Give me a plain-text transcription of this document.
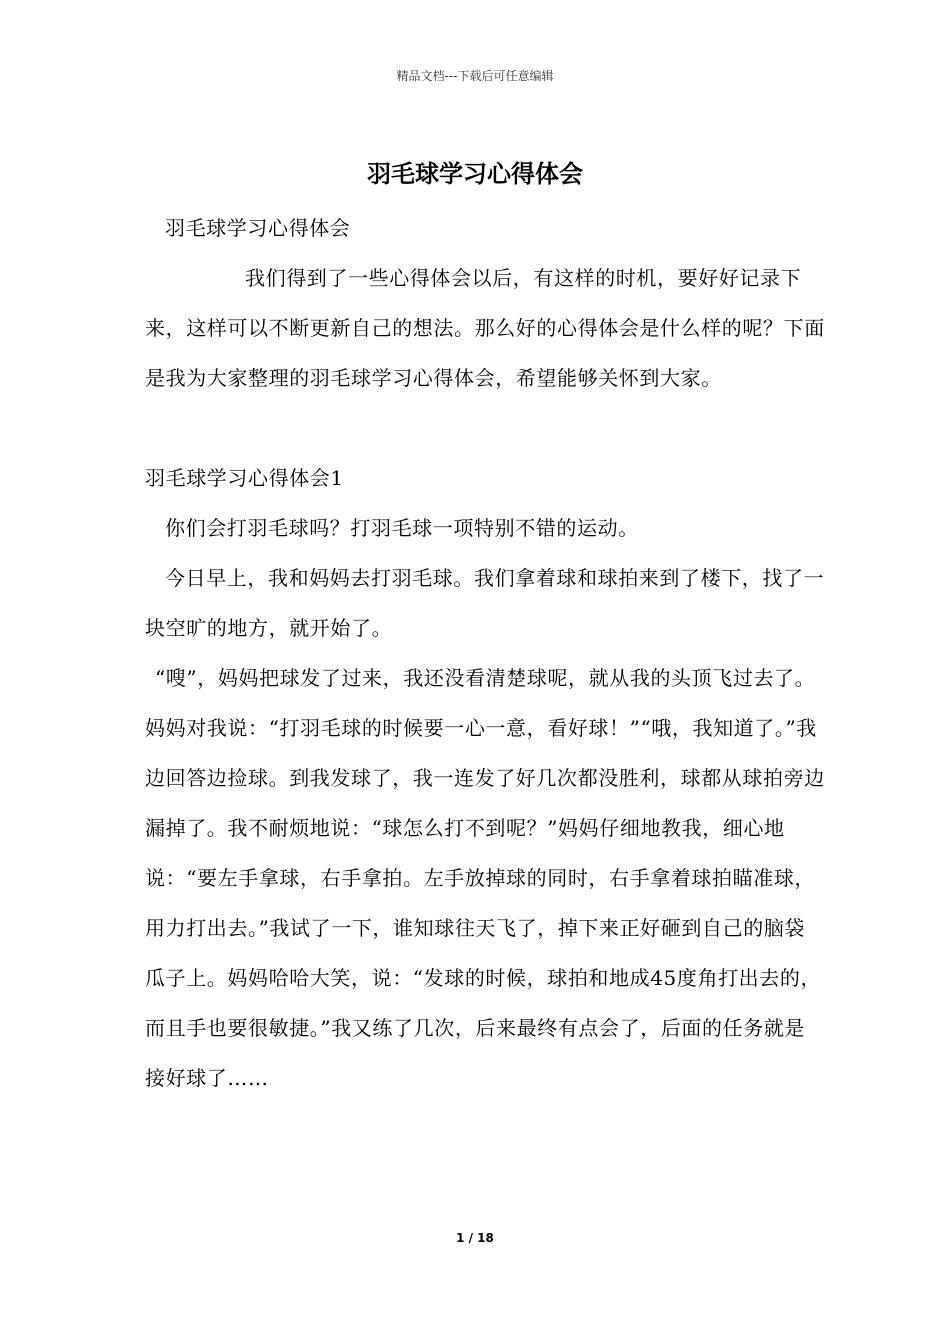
精品文档---下载后可任意编辑
羽毛球学习心得体会

羽毛球学习心得体会

我们得到了一些心得体会以后，有这样的时机，要好好记录下来，这样可以不断更新自己的想法。那么好的心得体会是什么样的呢？下面是我为大家整理的羽毛球学习心得体会，希望能够关怀到大家。

羽毛球学习心得体会1

你们会打羽毛球吗？打羽毛球一项特别不错的运动。

今日早上，我和妈妈去打羽毛球。我们拿着球和球拍来到了楼下，找了一块空旷的地方，就开始了。

“嗖”，妈妈把球发了过来，我还没看清楚球呢，就从我的头顶飞过去了。妈妈对我说：“打羽毛球的时候要一心一意，看好球！”“哦，我知道了。”我边回答边捡球。到我发球了，我一连发了好几次都没胜利，球都从球拍旁边漏掉了。我不耐烦地说：“球怎么打不到呢？”妈妈仔细地教我，细心地说：“要左手拿球，右手拿拍。左手放掉球的同时，右手拿着球拍瞄准球，用力打出去。”我试了一下，谁知球往天飞了，掉下来正好砸到自己的脑袋瓜子上。妈妈哈哈大笑，说：“发球的时候，球拍和地成45度角打出去的，而且手也要很敏捷。”我又练了几次，后来最终有点会了，后面的任务就是接好球了……

1 / 18
